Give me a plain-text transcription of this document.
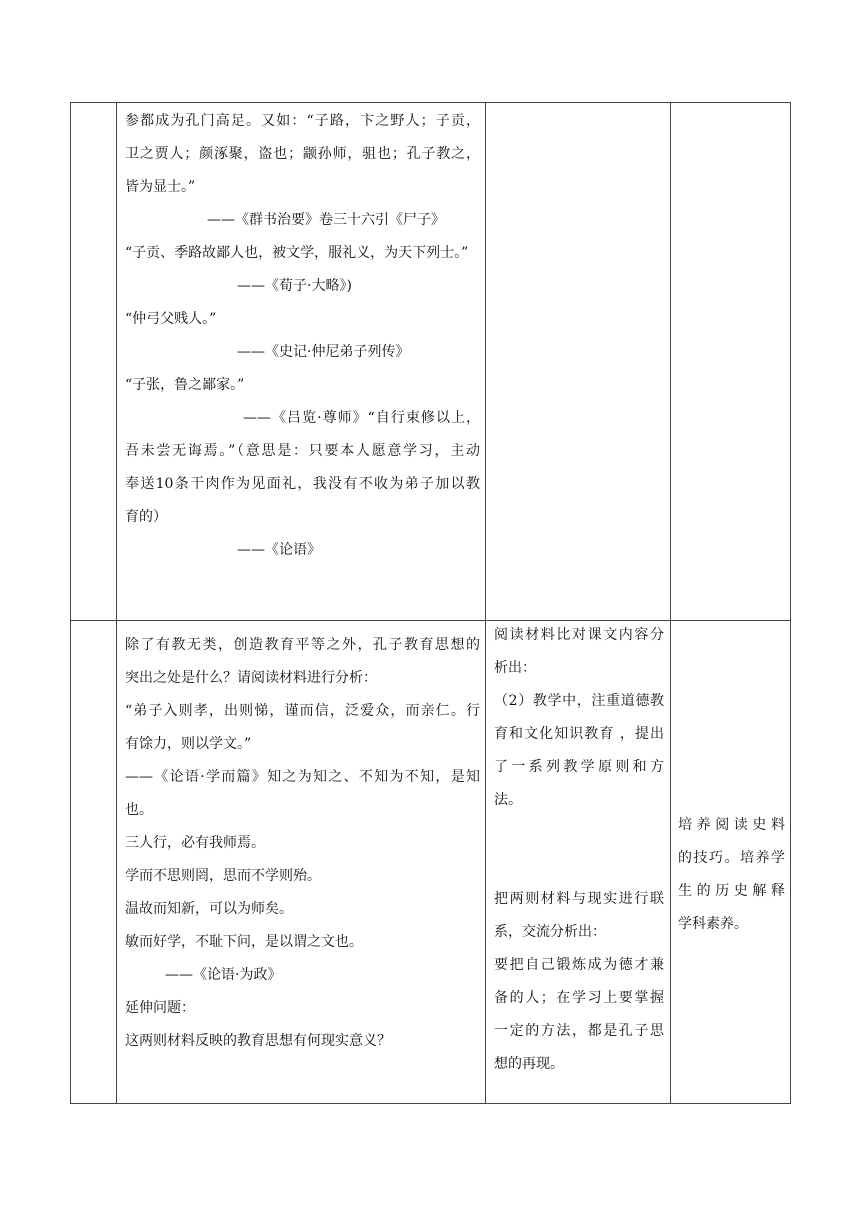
参都成为孔门高足。又如：“子路，卞之野人；子贡，
卫之贾人；颜涿聚，盗也；颛孙师，驵也；孔子教之，
皆为显士。”
——《群书治要》卷三十六引《尸子》
“子贡、季路故鄙人也，被文学，服礼义，为天下列士。”
——《荀子·大略》)
“仲弓父贱人。”
——《史记·仲尼弟子列传》
“子张，鲁之鄙家。”
——《吕览·尊师》“自行束修以上，
吾未尝无诲焉。”（意思是：只要本人愿意学习，主动
奉送10条干肉作为见面礼，我没有不收为弟子加以教
育的）
——《论语》
除了有教无类，创造教育平等之外，孔子教育思想的
突出之处是什么？请阅读材料进行分析：
“弟子入则孝，出则悌，谨而信，泛爱众，而亲仁。行
有馀力，则以学文。”
——《论语·学而篇》知之为知之、不知为不知，是知
也。
三人行，必有我师焉。
学而不思则罔，思而不学则殆。
温故而知新，可以为师矣。
敏而好学，不耻下问，是以谓之文也。
——《论语·为政》
延伸问题：
这两则材料反映的教育思想有何现实意义？
阅读材料比对课文内容分
析出：
（2）教学中，注重道德教
育和文化知识教育 ，提出
了一系列教学原则和方
法。
把两则材料与现实进行联
系，交流分析出：
要把自己锻炼成为德才兼
备的人；在学习上要掌握
一定的方法，都是孔子思
想的再现。
培养阅读史料
的技巧。培养学
生的历史解释
学科素养。
